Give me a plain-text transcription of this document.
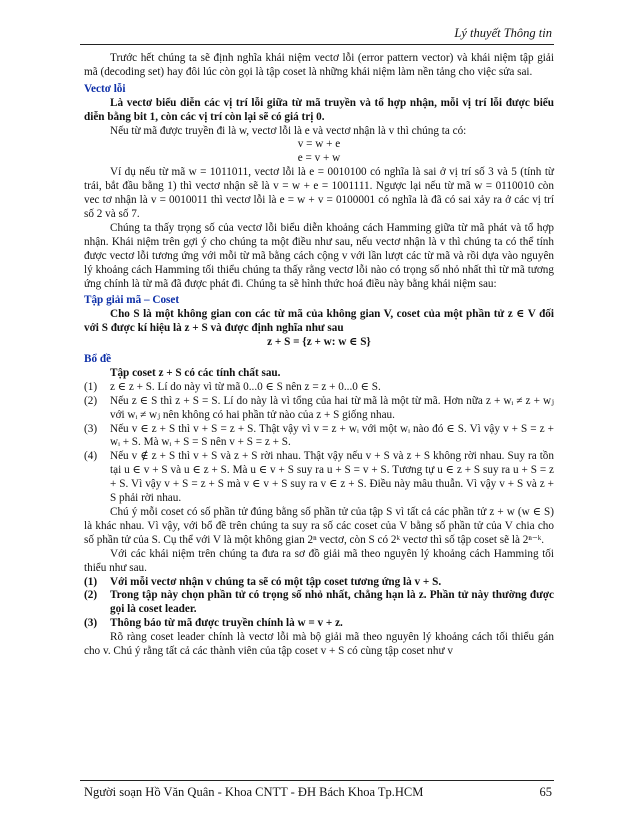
Lý thuyết Thông tin

Trước hết chúng ta sẽ định nghĩa khái niệm vectơ lỗi (error pattern vector) và khái niệm tập giải mã (decoding set) hay đôi lúc còn gọi là tập coset là những khái niệm làm nền tảng cho việc sửa sai.

Vectơ lỗi

Là vectơ biểu diễn các vị trí lỗi giữa từ mã truyền và tổ hợp nhận, mỗi vị trí lỗi được biểu diễn bằng bit 1, còn các vị trí còn lại sẽ có giá trị 0.

Nếu từ mã được truyền đi là w, vectơ lỗi là e và vectơ nhận là v thì chúng ta có:

v = w + e

e = v + w

Ví dụ nếu từ mã w = 1011011, vectơ lỗi là e = 0010100 có nghĩa là sai ở vị trí số 3 và 5 (tính từ trái, bắt đầu bằng 1) thì vectơ nhận sẽ là v = w + e = 1001111. Ngược lại nếu từ mã w = 0110010 còn vec tơ nhận là v = 0010011 thì vectơ lỗi là e = w + v = 0100001 có nghĩa là đã có sai xảy ra ở các vị trí số 2 và số 7.

Chúng ta thấy trọng số của vectơ lỗi biểu diễn khoảng cách Hamming giữa từ mã phát và tổ hợp nhận. Khái niệm trên gợi ý cho chúng ta một điều như sau, nếu vectơ nhận là v thì chúng ta có thể tính được vectơ lỗi tương ứng với mỗi từ mã bằng cách cộng v với lần lượt các từ mã và rồi dựa vào nguyên lý khoảng cách Hamming tối thiểu chúng ta thấy rằng vectơ lỗi nào có trọng số nhỏ nhất thì từ mã tương ứng chính là từ mã đã được phát đi. Chúng ta sẽ hình thức hoá điều này bằng khái niệm sau:

Tập giải mã – Coset

Cho S là một không gian con các từ mã của không gian V, coset của một phần tử z ∈ V đối với S được kí hiệu là z + S và được định nghĩa như sau

z + S = {z + w: w ∈ S}

Bổ đề

Tập coset z + S có các tính chất sau.

(1)	z ∈ z + S. Lí do này vì từ mã 0...0 ∈ S nên z = z + 0...0 ∈ S.
(2)	Nếu z ∈ S thì z + S = S. Lí do này là vì tổng của hai từ mã là một từ mã. Hơn nữa z + wᵢ ≠ z + wⱼ với wᵢ ≠ wⱼ nên không có hai phần tử nào của z + S giống nhau.
(3)	Nếu v ∈ z + S thì v + S = z + S. Thật vậy vì v = z + wᵢ với một wᵢ nào đó ∈ S. Vì vậy v + S = z + wᵢ + S. Mà wᵢ + S = S nên v + S = z + S.
(4)	Nếu v ∉ z + S thì v + S và z + S rời nhau. Thật vậy nếu v + S và z + S không rời nhau. Suy ra tồn tại u ∈ v + S và u ∈ z + S. Mà u ∈ v + S suy ra u + S = v + S. Tương tự u ∈ z + S suy ra u + S = z + S. Vì vậy v + S = z + S mà v ∈ v + S suy ra v ∈ z + S. Điều này mâu thuẫn. Vì vậy v + S và z + S phải rời nhau.

Chú ý mỗi coset có số phần tử đúng bằng số phần tử của tập S vì tất cả các phần tử z + w (w ∈ S) là khác nhau. Vì vậy, với bổ đề trên chúng ta suy ra số các coset của V bằng số phần tử của V chia cho số phần tử của S. Cụ thể với V là một không gian 2ⁿ vectơ, còn S có 2ᵏ vectơ thì số tập coset sẽ là 2ⁿ⁻ᵏ.

Với các khái niệm trên chúng ta đưa ra sơ đồ giải mã theo nguyên lý khoảng cách Hamming tối thiểu như sau.

(1)	Với mỗi vectơ nhận v chúng ta sẽ có một tập coset tương ứng là v + S.
(2)	Trong tập này chọn phần tử có trọng số nhỏ nhất, chẳng hạn là z. Phần tử này thường được gọi là coset leader.
(3)	Thông báo từ mã được truyền chính là w = v + z.

Rõ ràng coset leader chính là vectơ lỗi mà bộ giải mã theo nguyên lý khoảng cách tối thiểu gán cho v. Chú ý rằng tất cả các thành viên của tập coset v + S có cùng tập coset như v

Người soạn Hồ Văn Quân - Khoa CNTT - ĐH Bách Khoa Tp.HCM	65
